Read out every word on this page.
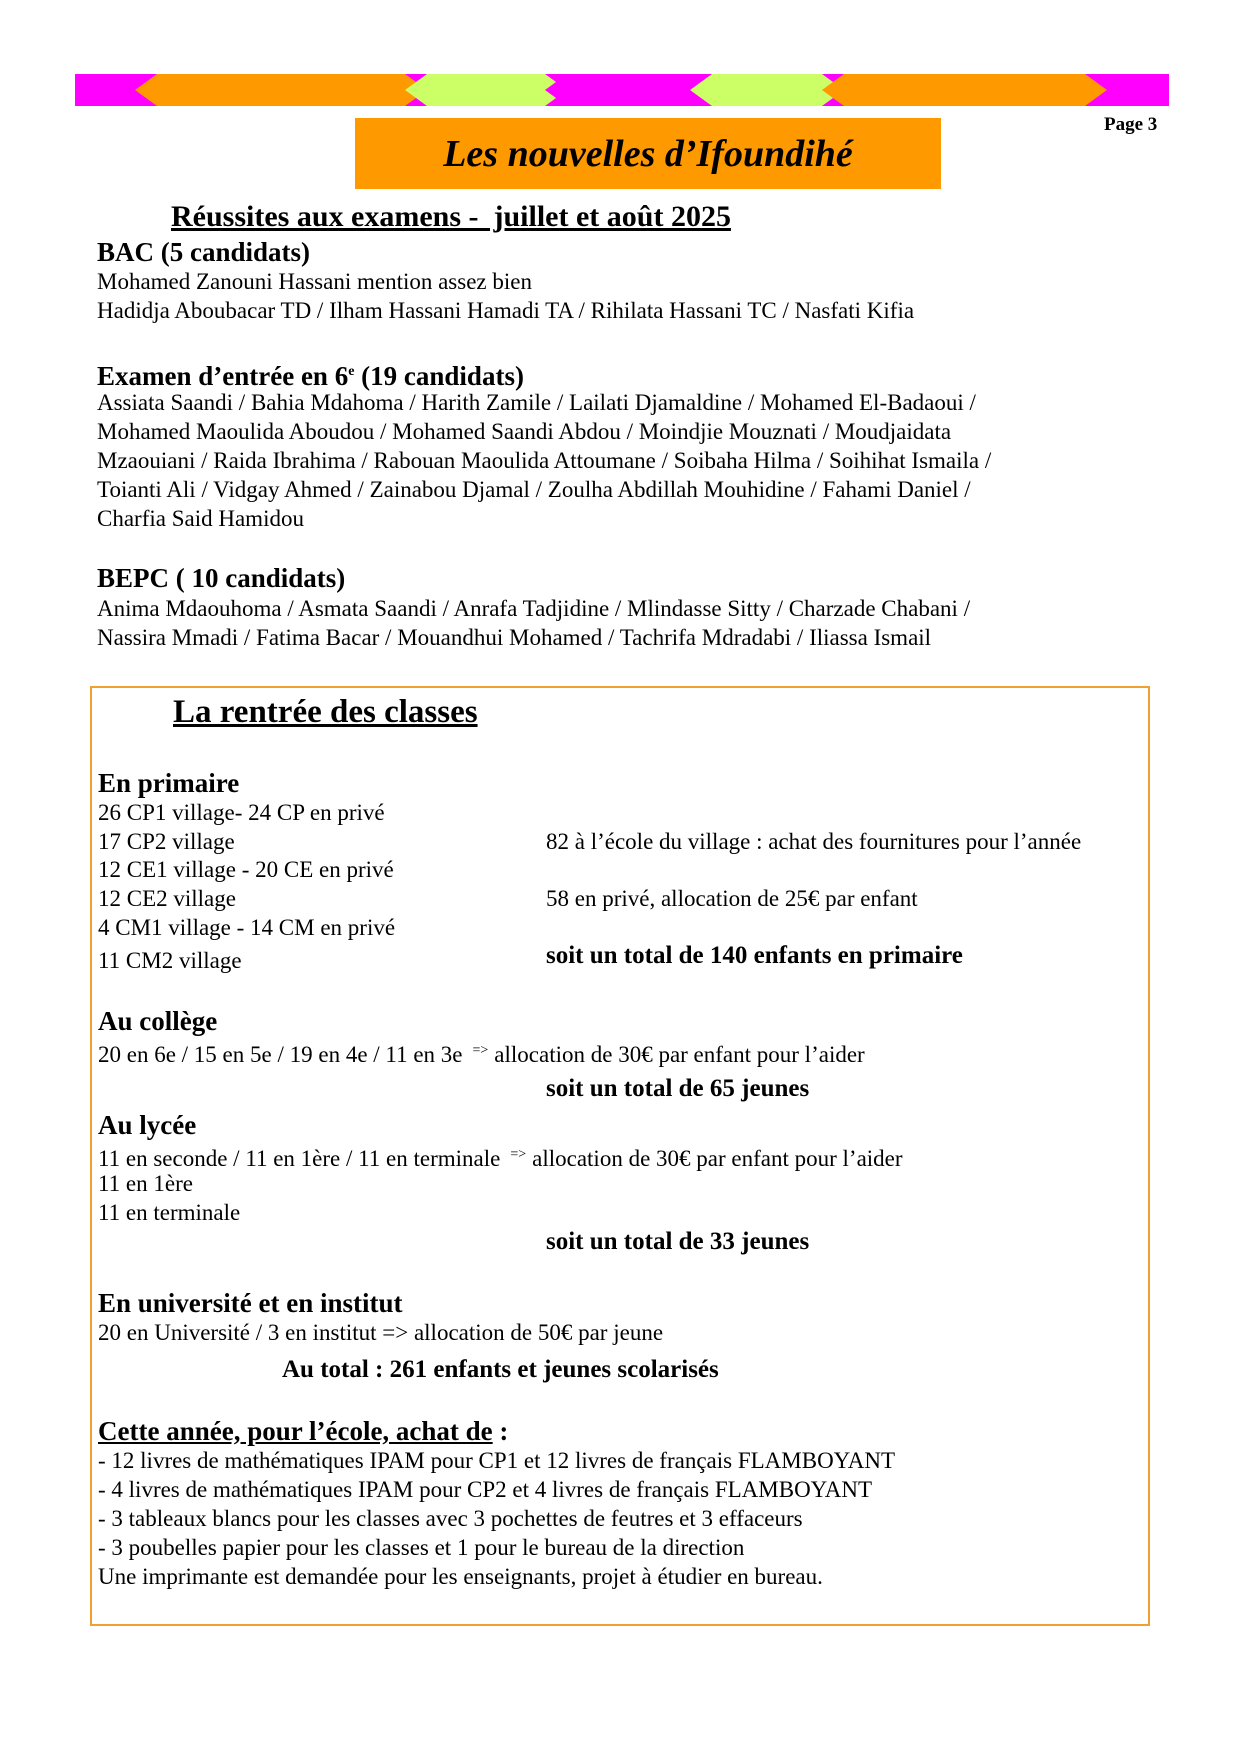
Page 3
Les nouvelles d’Ifoundihé
Réussites aux examens -  juillet et août 2025
BAC (5 candidats)
Mohamed Zanouni Hassani mention assez bien
Hadidja Aboubacar TD / Ilham Hassani Hamadi TA / Rihilata Hassani TC / Nasfati Kifia
Examen d’entrée en 6e (19 candidats)
Assiata Saandi / Bahia Mdahoma / Harith Zamile / Lailati Djamaldine / Mohamed El-Badaoui /
Mohamed Maoulida Aboudou / Mohamed Saandi Abdou / Moindjie Mouznati / Moudjaidata
Mzaouiani / Raida Ibrahima / Rabouan Maoulida Attoumane / Soibaha Hilma / Soihihat Ismaila /
Toianti Ali / Vidgay Ahmed / Zainabou Djamal / Zoulha Abdillah Mouhidine / Fahami Daniel /
Charfia Said Hamidou
BEPC ( 10 candidats)
Anima Mdaouhoma / Asmata Saandi / Anrafa Tadjidine / Mlindasse Sitty / Charzade Chabani /
Nassira Mmadi / Fatima Bacar / Mouandhui Mohamed / Tachrifa Mdradabi / Iliassa Ismail
La rentrée des classes
En primaire
26 CP1 village- 24 CP en privé
17 CP2 village
12 CE1 village - 20 CE en privé
12 CE2 village
4 CM1 village - 14 CM en privé
11 CM2 village
82 à l’école du village : achat des fournitures pour l’année
58 en privé, allocation de 25€ par enfant
soit un total de 140 enfants en primaire
Au collège
20 en 6e / 15 en 5e / 19 en 4e / 11 en 3e => allocation de 30€ par enfant pour l’aider
soit un total de 65 jeunes
Au lycée
11 en seconde / 11 en 1ère / 11 en terminale => allocation de 30€ par enfant pour l’aider
11 en 1ère
11 en terminale
soit un total de 33 jeunes
En université et en institut
20 en Université / 3 en institut => allocation de 50€ par jeune
Au total : 261 enfants et jeunes scolarisés
Cette année, pour l’école, achat de :
- 12 livres de mathématiques IPAM pour CP1 et 12 livres de français FLAMBOYANT
- 4 livres de mathématiques IPAM pour CP2 et 4 livres de français FLAMBOYANT
- 3 tableaux blancs pour les classes avec 3 pochettes de feutres et 3 effaceurs
- 3 poubelles papier pour les classes et 1 pour le bureau de la direction
Une imprimante est demandée pour les enseignants, projet à étudier en bureau.
